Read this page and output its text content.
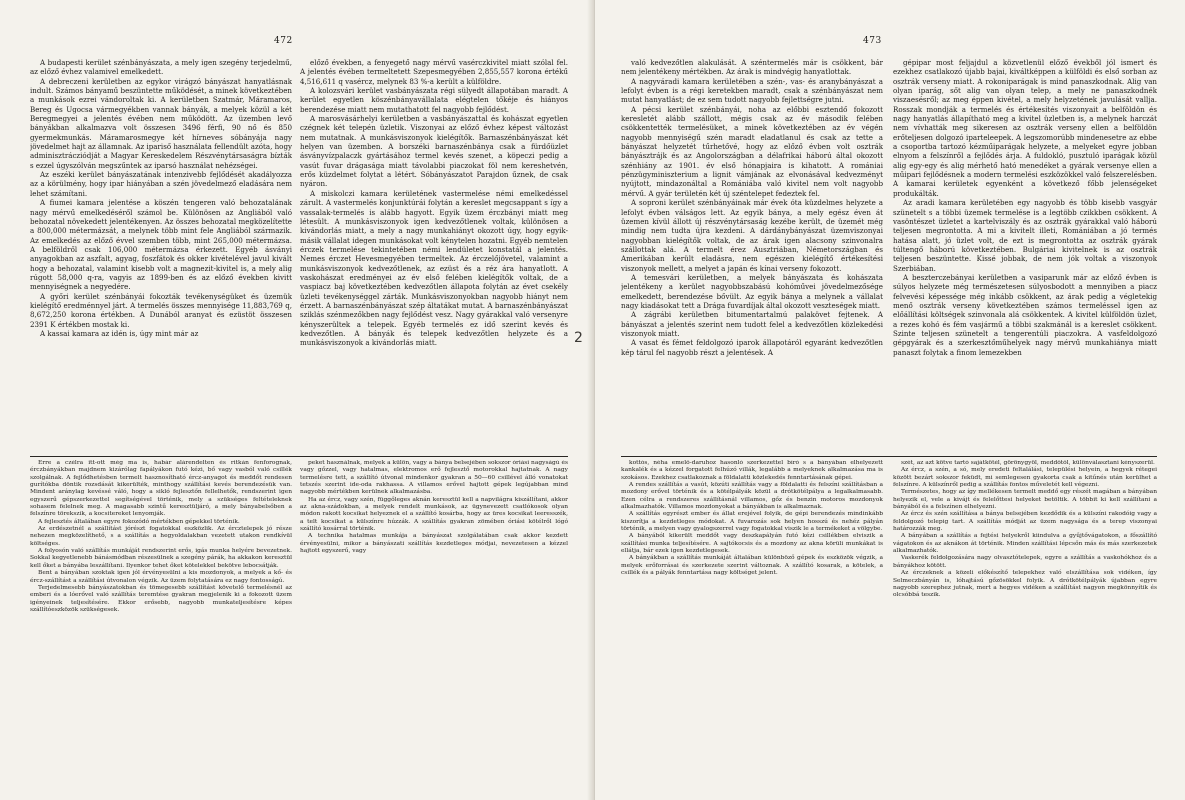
472

A budapesti kerület szénbányászata, a mely igen szegény terjedelmű, az előző évhez valamivel emelkedett.

A debreczeni kerületben az egykor virágzó bányászat hanyatlásnak indult. Számos bányamű beszüntette működését, a minek következtében a munkások ezrei vándoroltak ki. A kerületben Szatmár, Máramaros, Bereg és Ugocsa vármegyékben vannak bányák, a melyek közül a két Beregmegyei a jelentés évében nem működött. Az üzemben levő bányákban alkalmazva volt összesen 3496 férfi, 90 nő és 850 gyermekmunkás. Máramarosmegye két hírneves sóbányája nagy jövedelmet hajt az államnak. Az ipariső használata fellendült azóta, hogy adminisztrácziódját a Magyar Kereskedelem Részvénytársaságra bízták s ezzel úgyszólván megszűntek az iparsó használat nehézségei.

Az eszéki kerület bányászatának intenzivebb fejlődését akadályozza az a körülmény, hogy ipar hiányában a szén jövedelmező eladására nem lehet számítani.

A fiumei kamara jelentése a köszén tengeren való behozatalának nagy mérvű emelkedéséről számol be. Különösen az Angliából való behozatal növekedett jelentékenyen. Az összes behozatal megközelítette a 800,000 métermázsát, a melynek több mint fele Angliából származik. Az emelkedés az előző évvel szemben több, mint 265,000 métermázsa. A belföldről csak 106,000 métermázsa érkezett. Egyéb ásványi anyagokban az aszfalt, agyag, foszfátok és okker kivételével javul kivált hogy a behozatal, valamint kisebb volt a magnezit-kivitel is, a mely alig rúgott 58,000 q-ra, vagyis az 1899-ben és az előző években kivitt mennyiségnek a negyedére.

A győri kerület szénbányái fokozták tevékenységüket és üzemük kielégítő eredménnyel járt. A termelés összes mennyisége 11,883,769 q, 8,672,250 korona értékben. A Dunából aranyat és ezüstöt összesen 2391 K értékben mostak ki.

A kassai kamara az idén is, úgy mint már az

előző években, a fenyegető nagy mérvű vasérczkivitel miatt szólal fel. A jelentés évében termeltetett Szepesmegyében 2,855,557 korona értékű 4,516,611 q vasércz, melynek 83 %-a került a külföldre.

A kolozsvári kerület vasbányászata régi sülyedt állapotában maradt. A kerület egyetlen köszénbányavállalata elégtelen tőkéje és hiányos berendezése miatt nem mutathatott fel nagyobb fejlődést.

A marosvásárhelyi kerületben a vasbányászattal és kohászat egyetlen czégnek két telepén üzletik. Viszonyai az előző évhez képest változást nem mutatnak. A munkásviszonyok kielégítők. Barnaszénbányászat két helyen van üzemben. A borszéki barnaszénbánya csak a fürdőüzlet ásványvízpalaczk gyártásához termel kevés szenet, a köpeczi pedig a vasút fuvar drágasága miatt távolabbi piaczokat föl nem kereshetvén, erős küzdelmet folytat a létért. Sóbányászatot Parajdon űznek, de csak nyáron.

A miskolczi kamara kerületének vastermelése némi emelkedéssel zárult. A vastermelés konjunktúrái folytán a kereslet megcsappant s így a vassalak-termelés is alább hagyott. Egyik üzem érczbányi miatt meg létesült. A munkásviszonyok igen kedvezőtlenek voltak, különösen a kivándorlás miatt, a mely a nagy munkahiányt okozott úgy, hogy egyik-másik vállalat idegen munkásokat volt kénytelen hozatni. Egyéb nemtelen érczek termelése tekintetében némi lendületet konstatál a jelentés. Nemes érczet Hevesmegyében termeltek. Az érczelőjövetel, valamint a munkásviszonyok kedvezőtlenek, az ezüst és a réz ára hanyatlott. A vaskohászat eredményei az év első felében kielégítők voltak, de a vaspiacz baj következtében kedvezőtlen állapota folytán az évet csekély üzleti tevékenységgel zárták. Munkásviszonyokban nagyobb hiányt nem érzett. A barnaszénbányászat szép áltatákat mutat. A barnaszénbányászat sziklás szénmezőkben nagy fejlődést vesz. Nagy gyárakkal való versenyre kényszerültek a telepek. Egyéb termelés ez idő szerint kevés és kedvezőtlen. A bányák és telepek kedvezőtlen helyzete és a munkásviszonyok a kivándorlás miatt.

Erre a czélra itt-ott még ma is, habár alárendelten és ritkán fenforognak, érczbányákban majdnem kizárólag fapályákon futó kézi, bő vagy vasból való csillék szolgálnak. A fejlődhetésben termelt hasznosítható ércz-anyagot és meddőt rendesen gurítókba döntik rozsdását kikerülték, minthogy szállítási kevés berendezésük van. Mindent aránylag kevéssé váló, hogy a sikló fejlesztőn fellelhetők, rendszerint igen egyszerű gépszerkezettel segítségével történik, mely a szükséges feltételeknek sohasem felelnek meg. A magasabb szintű keresztüljáró, a mely bányabelsőben a felszínre törekszik, a kocsitereket lenyomják.

A fejlesztés általában egyre fokozódó mértékben gépekkel történik.

Az erdészetnél a szállítást jórészt fogatokkal eszközlik. Az ércztelepek jó része nehezen megközelíthető, s a szállítás a hegyoldalakban vezetett utakon rendkívül költséges.

A folyosón való szállítás munkáját rendszerint erős, igás munka helyére bevezetnek. Sokkal kegyetlenebb bánásmódban részesülnek a szegény párák, ha akkakon keresztül kell őket a bányába leszállítani. Ilyenkor tehet őket kötelekkel bekötve lebocsátják.

Bent a bányában szoktak igen jól érvényesülni a kis mozdonyok, a melyek a kő- és ércz-szállítást a szállítási útvonalon végzik. Az üzem folytatására ez nagy fontosságú.

Terjedelmesebb bányászatokban és tömegesebb szállítást követelő termelésnél az emberi és a lóerővel való szállítás teremtése gyakran megjelenik ki a fokozott üzem igényeinek teljesítésére. Ekkor erősebb, nagyobb munkateljesítésre képes szállítóeszközök szükségesek.

peket használnak, melyek a külön, vagy a bánya belsejében sokszor óriási nagyságú és vagy gőzzel, vagy hatalmas, elektromos erő fejlesztő motorokkal hajtatnak. A nagy termelésre tett, a szállító útvonal mindenkor gyakran a 50—60 csillével álló vonatokat tetszés szerint ide-oda rakhassa. A villamos erővel hajtott gépek legújabban mind nagyobb mértékben kerülnek alkalmazásba.

Ha az ércz, vagy szén, függőleges aknán keresztül kell a napvilágra kiszállítani, akkor az akna-szádokban, a melyek rendelt munkások, az ügynevezett csatlókosok olyan módon rakott kocsikat helyeznek el a szállító kosárba, hogy az üres kocsikat leeresszék, a telt kocsikat a külszínre húzzák. A szállítás gyakran zömében óriási kötélről lógó szállító kosárral történik.

A technika hatalmas munkája a bányászat szolgálatában csak akkor kezdett érvényesülni, mikor a bányászati szállítás kezdetleges módjai, nevezetesen a kézzel hajtott egyszerű, vagy

2
473

való kedvezőtlen alakulását. A széntermelés már is csökkent, bár nem jelentékeny mértékben. Az árak is mindvégig hanyatlottak.

A nagyváradi kamara kerületében a szén-, vas- és aranybányászat a lefolyt évben is a régi keretekben maradt, csak a szénbányászat nem mutat hanyatlást; de ez sem tudott nagyobb fejlettségre jutni.

A pécsi kerület szénbányái, noha az előbbi esztendő fokozott keresletét alább szállott, mégis csak az év második felében csökkentették termelésüket, a minek következtében az év végén nagyobb mennyiségű szén maradt eladatlanul és csak az tette a bányászat helyzetét tűrhetővé, hogy az előző évben volt osztrák bányásztrájk és az Angolországban a délafrikai háború által okozott szénhiány az 1901. év első hónapjaira is kihatott. A romániai pénzügyminiszterium a lignit vámjának az elvonásával kedvezményt nyújtott, mindazonáltal a Romániába való kivitel nem volt nagyobb mérvű. A gyár területén két új széntelepet fedeztek fel.

A soproni kerület szénbányáinak már évek óta küzdelmes helyzete a lefolyt évben válságos lett. Az egyik bánya, a mely egész éven át üzemen kívül állott új részvénytársaság kezébe került, de üzemét még mindig nem tudta újra kezdeni. A dárdánybányászat üzemviszonyai nagyobban kielégítők voltak, de az árak igen alacsony szinvonalra szállottak alá. A termelt érez Ausztriában, Németországban és Amerikában került eladásra, nem egészen kielégítő értékesítési viszonyok mellett, a melyet a japán és kínai verseny fokozott.

A temesvári kerületben, a melyek bányászata és kohászata jelentékeny a kerület nagyobbszabású kohóművei jövedelmezősége emelkedett, berendezése bővült. Az egyik bánya a melynek a vállalat nagy kiadásokat tett a Drága fuvardíjak által okozott veszteségek miatt.

A zágrábi kerületben bitumentartalmú palakövet fejtenek. A bányászat a jelentés szerint nem tudott felel a kedvezőtlen közlekedési viszonyok miatt.

A vasat és fémet feldolgozó iparok állapotáról egyaránt kedvezőtlen kép tárul fel nagyobb részt a jelentések. A

gépipar most feljajdul a közvetlenül előző évekből jól ismert és ezekhez csatlakozó újabb bajai, kiváltképpen a külföldi és első sorban az osztrák verseny miatt. A rokoniparágak is mind panaszkodnak. Alig van olyan iparág, sőt alig van olyan telep, a mely ne panaszkodnék viszaesésről; az meg éppen kivétel, a mely helyzetének javulását vallja. Rosszak mondják a termelés és értékesítés viszonyait a belföldön és nagy hanyatlás állapítható meg a kivitel üzletben is, a melynek harczát nem vívhatták meg sikeresen az osztrák verseny ellen a belföldön erőteljesen dolgozó iparteleepek. A legszomorúbb mindenesetre az ebbe a csoportba tartozó kézműiparágak helyzete, a melyeket egyre jobban elnyom a felszínről a fejlődés árja. A fuldokló, pusztuló iparágak közül alig egy-egy és alig mérhető ható menedéket a gyárak versenye ellen a műipari fejlődésnek a modern termelési eszközökkel való felszerelésben. A kamarai kerületek egyenként a következő főbb jelenségeket produkálták.

Az aradi kamara kerületében egy nagyobb és több kisebb vasgyár szünetelt s a többi üzemek termelése is a legtöbb czikkben csökkent. A vasöntészet üzletet a kartelviszály és az osztrák gyárakkal való háború teljesen megrontotta. A mi a kivitelt illeti, Romániában a jó termés hatása alatt, jó üzlet volt, de ezt is megrontotta az osztrák gyárak túltengő háború következtében. Bulgáriai kivitelnek is az osztrák teljesen beszüntette. Kissé jobbak, de nem jók voltak a viszonyok Szerbiában.

A beszterczebányai kerületben a vasiparunk már az előző évben is súlyos helyzete még természetesen súlyosbodott a mennyiben a piacz felvevési képessége még inkább csökkent, az árak pedig a végletekig menő osztrák verseny következtében számos termeléssel igen az előállítási költségek szinvonala alá csökkentek. A kivitel külföldön üzlet, a rezes kohó és fém vasjármű a többi szakmánál is a kereslet csökkent. Szinte teljesen szünetelt a tengerentúli piaczokra. A vasfeldolgozó gépgyárak és a szerkesztőműhelyek nagy mérvű munkahiánya miatt panaszt folytak a finom lemezekben

kottós, néha emelő-daruhoz hasonló szerkezettel bíró s a bányában elhelyezett kankalék és a kézzel forgatott felhúzó villák, legalább a melyeknek alkalmazása ma is szokásos. Ezekhez csatlakoznak a földalatti közlekedés fenntartásának gépei.

A rendes szállítás a vasút, közúti szállítás vagy a földalatti és felszíni szállításban a mozdony erővel történik és a kötélpályák közül a drótkötélpálya a legalkalmasabb. Ezen célra a rendszeres szállításnál villamos, gőz és benzin motoros mozdonyok alkalmazhatók. Villamos mozdonyokat a bányákban is alkalmaznak.

A szállítás egyrészt ember és állat erejével folyik, de gépi berendezés mindinkább kiszorítja a kezdetleges módokat. A fuvarozás sok helyen hosszú és nehéz pályán történik, a melyen vagy gyalogszerrel vagy fogatokkal viszik le a termékeket a völgybe.

A bányából kikerült meddőt vagy deszkapályán futó kézi csillékben elviszik a szállítási munka teljesítésére. A sajtókocsis és a mozdony az akna körüli munkákat is ellátja, bár ezek igen kezdetlegesek.

A bányákban a szállítás munkáját általában különböző gépek és eszközök végzik, a melyek erőforrásai és szerkezete szerint változnak. A szállító kosarak, a kötelek, a csillék és a pályák fenntartása nagy költséget jelent.

szét, az azt kötve tartó sajátkötél, görönygyöl, meddőtől, különválasztani kényszerül.

Az ércz, a szén, a só, mely eredeti feltalálási, települési helyein, a hegyek rétegei között bezárt sokszor feküdt, mi semlegesen gyakorta csak a kitűnés után kerülhet a felszínre. A külszínről pedig a szállítás fontos műveletét kell végezni.

Természetes, hogy az így mellékesen termelt meddő egy részét magában a bányában helyezik el, vele a kivájt és felelőttesi helyeket betöltik. A többit ki kell szállítani a bányából és a felszínen elhelyezni.

Az ércz és szén szállítása a bánya belsejében kezdődik és a külszíni rakodóig vagy a feldolgozó telepig tart. A szállítás módját az üzem nagysága és a terep viszonyai határozzák meg.

A bányában a szállítás a fejtési helyekről kiindulva a gyűjtővágatokon, a főszállító vágatokon és az aknákon át történik. Minden szállítási lépcsőn más és más szerkezetek alkalmazhatók.

Vaskerék feldolgozására nagy olvasztótelepek, egyre a szállítás a vaskohókhoz és a bányákhoz kötött.

Az érczeknek a közeli előkészítő telepekhez való elszállítása sok vidéken, így Selmeczbányán is, lóhajtású gőzösökkel folyik. A drótkötélpályák újabban egyre nagyobb szerephez jutnak, mert a hegyes vidéken a szállítást nagyon megkönnyítik és olcsóbbá teszik.
